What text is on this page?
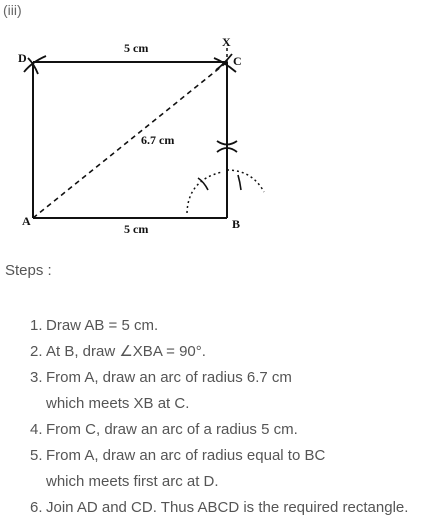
(iii)
D
X
C
A	B
5 cm
5 cm
6.7 cm
Steps :
1. Draw AB = 5 cm.
2. At B, draw ∠XBA = 90°.
3. From A, draw an arc of radius 6.7 cm
which meets XB at C.
4. From C, draw an arc of a radius 5 cm.
5. From A, draw an arc of radius equal to BC
which meets first arc at D.
6. Join AD and CD. Thus ABCD is the required rectangle.
